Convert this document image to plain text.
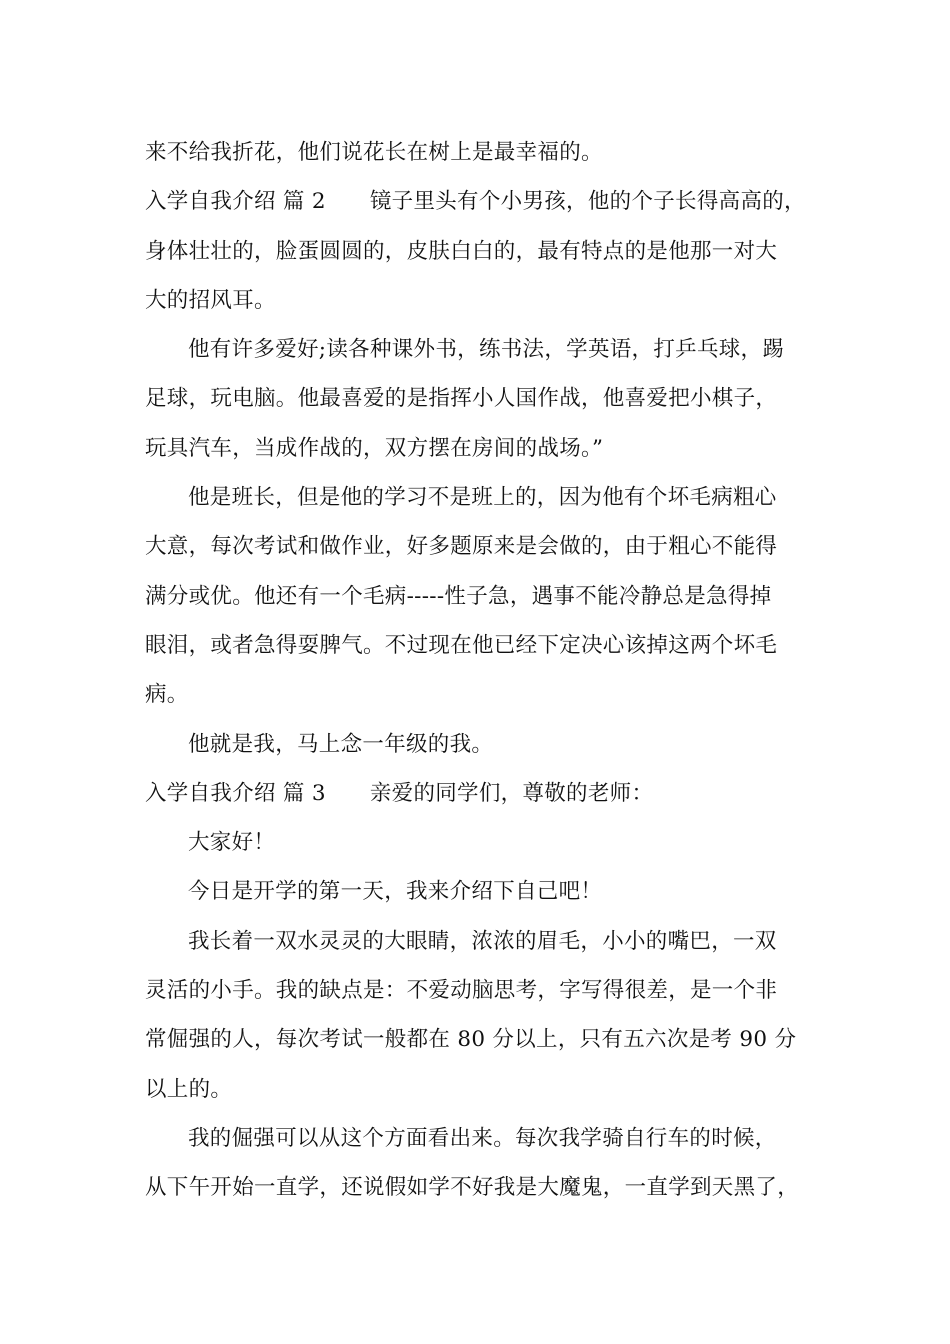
来不给我折花，他们说花长在树上是最幸福的。
入学自我介绍 篇 2 镜子里头有个小男孩，他的个子长得高高的，
身体壮壮的，脸蛋圆圆的，皮肤白白的，最有特点的是他那一对大
大的招风耳。
他有许多爱好;读各种课外书，练书法，学英语，打乒乓球，踢
足球，玩电脑。他最喜爱的是指挥小人国作战，他喜爱把小棋子，
玩具汽车，当成作战的，双方摆在房间的战场。”
他是班长，但是他的学习不是班上的，因为他有个坏毛病粗心
大意，每次考试和做作业，好多题原来是会做的，由于粗心不能得
满分或优。他还有一个毛病-----性子急，遇事不能冷静总是急得掉
眼泪，或者急得耍脾气。不过现在他已经下定决心该掉这两个坏毛
病。
他就是我，马上念一年级的我。
入学自我介绍 篇 3 亲爱的同学们，尊敬的老师：
大家好！
今日是开学的第一天，我来介绍下自己吧！
我长着一双水灵灵的大眼睛，浓浓的眉毛，小小的嘴巴，一双
灵活的小手。我的缺点是：不爱动脑思考，字写得很差，是一个非
常倔强的人，每次考试一般都在 80 分以上，只有五六次是考 90 分
以上的。
我的倔强可以从这个方面看出来。每次我学骑自行车的时候，
从下午开始一直学，还说假如学不好我是大魔鬼，一直学到天黑了，
